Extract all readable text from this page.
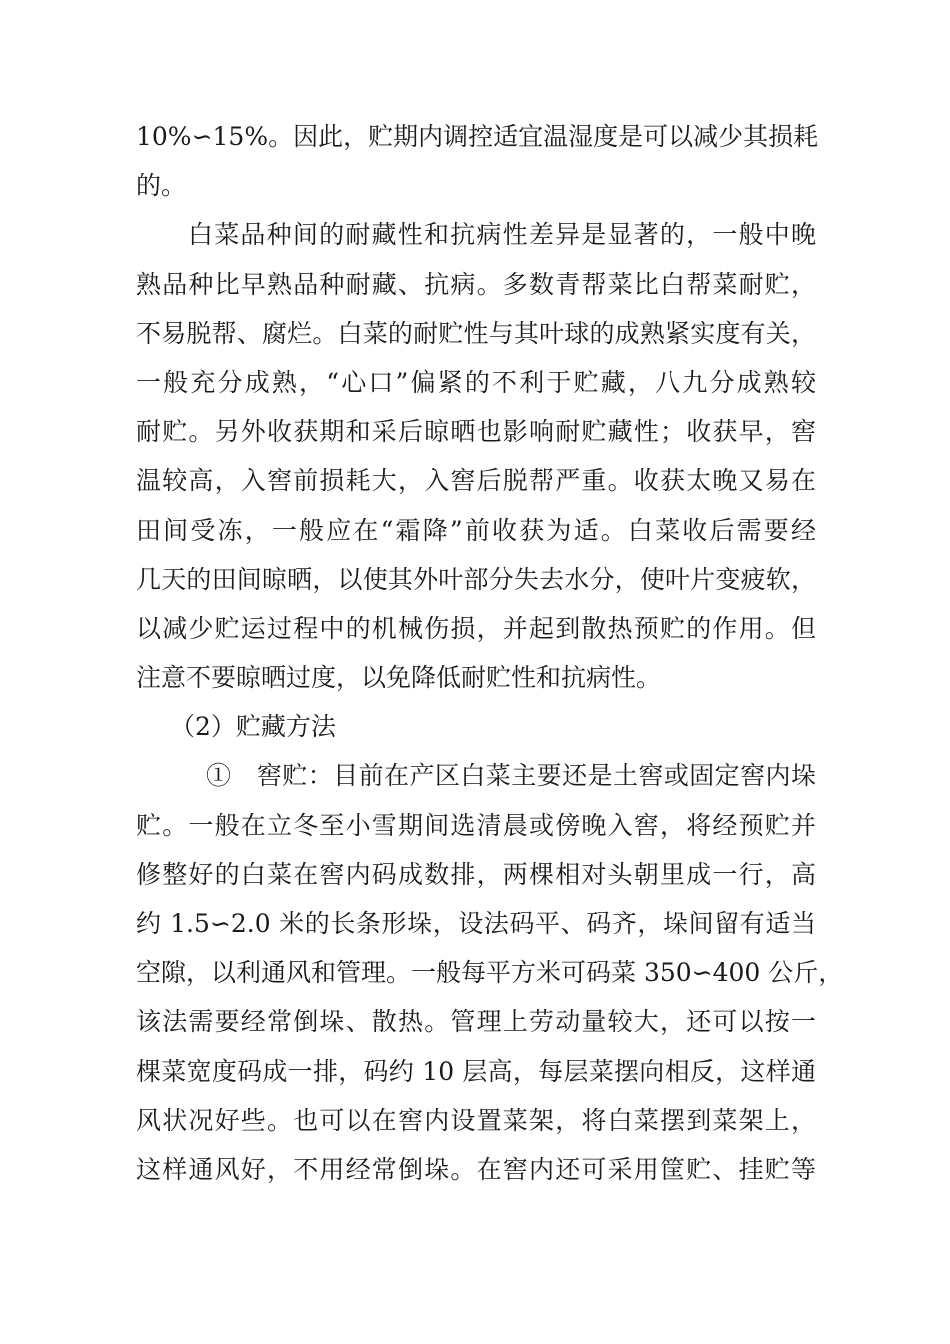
10%∽15%。因此，贮期内调控适宜温湿度是可以减少其损耗
的。
白菜品种间的耐藏性和抗病性差异是显著的，一般中晚
熟品种比早熟品种耐藏、抗病。多数青帮菜比白帮菜耐贮，
不易脱帮、腐烂。白菜的耐贮性与其叶球的成熟紧实度有关，
一般充分成熟，“心口”偏紧的不利于贮藏，八九分成熟较
耐贮。另外收获期和采后晾晒也影响耐贮藏性；收获早，窖
温较高，入窖前损耗大，入窖后脱帮严重。收获太晚又易在
田间受冻，一般应在“霜降”前收获为适。白菜收后需要经
几天的田间晾晒，以使其外叶部分失去水分，使叶片变疲软，
以减少贮运过程中的机械伤损，并起到散热预贮的作用。但
注意不要晾晒过度，以免降低耐贮性和抗病性。
（2）贮藏方法
①　窖贮：目前在产区白菜主要还是土窖或固定窖内垛
贮。一般在立冬至小雪期间选清晨或傍晚入窖，将经预贮并
修整好的白菜在窖内码成数排，两棵相对头朝里成一行，高
约 1.5∽2.0 米的长条形垛，设法码平、码齐，垛间留有适当
空隙，以利通风和管理。一般每平方米可码菜 350∽400 公斤，
该法需要经常倒垛、散热。管理上劳动量较大，还可以按一
棵菜宽度码成一排，码约 10 层高，每层菜摆向相反，这样通
风状况好些。也可以在窖内设置菜架，将白菜摆到菜架上，
这样通风好，不用经常倒垛。在窖内还可采用筐贮、挂贮等
